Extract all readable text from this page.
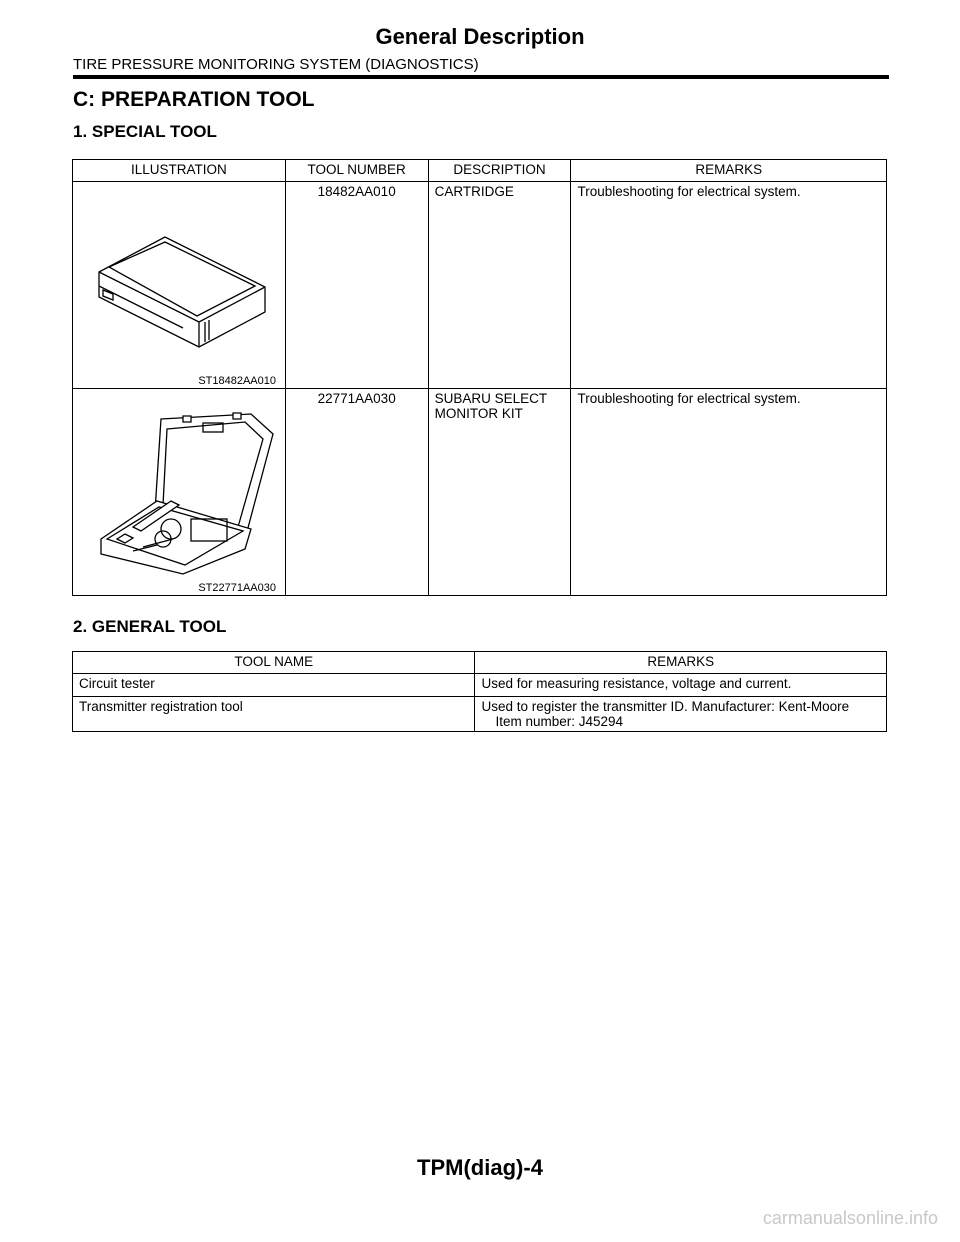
General Description
TIRE PRESSURE MONITORING SYSTEM (DIAGNOSTICS)
C: PREPARATION TOOL
1. SPECIAL TOOL
ILLUSTRATION	TOOL NUMBER	DESCRIPTION	REMARKS

ST18482AA010	18482AA010	CARTRIDGE	Troubleshooting for electrical system.

ST22771AA030	22771AA030	SUBARU SELECT
MONITOR KIT	Troubleshooting for electrical system.
2. GENERAL TOOL
TOOL NAME	REMARKS
Circuit tester	Used for measuring resistance, voltage and current.
Transmitter registration tool	Used to register the transmitter ID. Manufacturer: Kent-Moore
Item number: J45294
TPM(diag)-4
carmanualsonline.info
